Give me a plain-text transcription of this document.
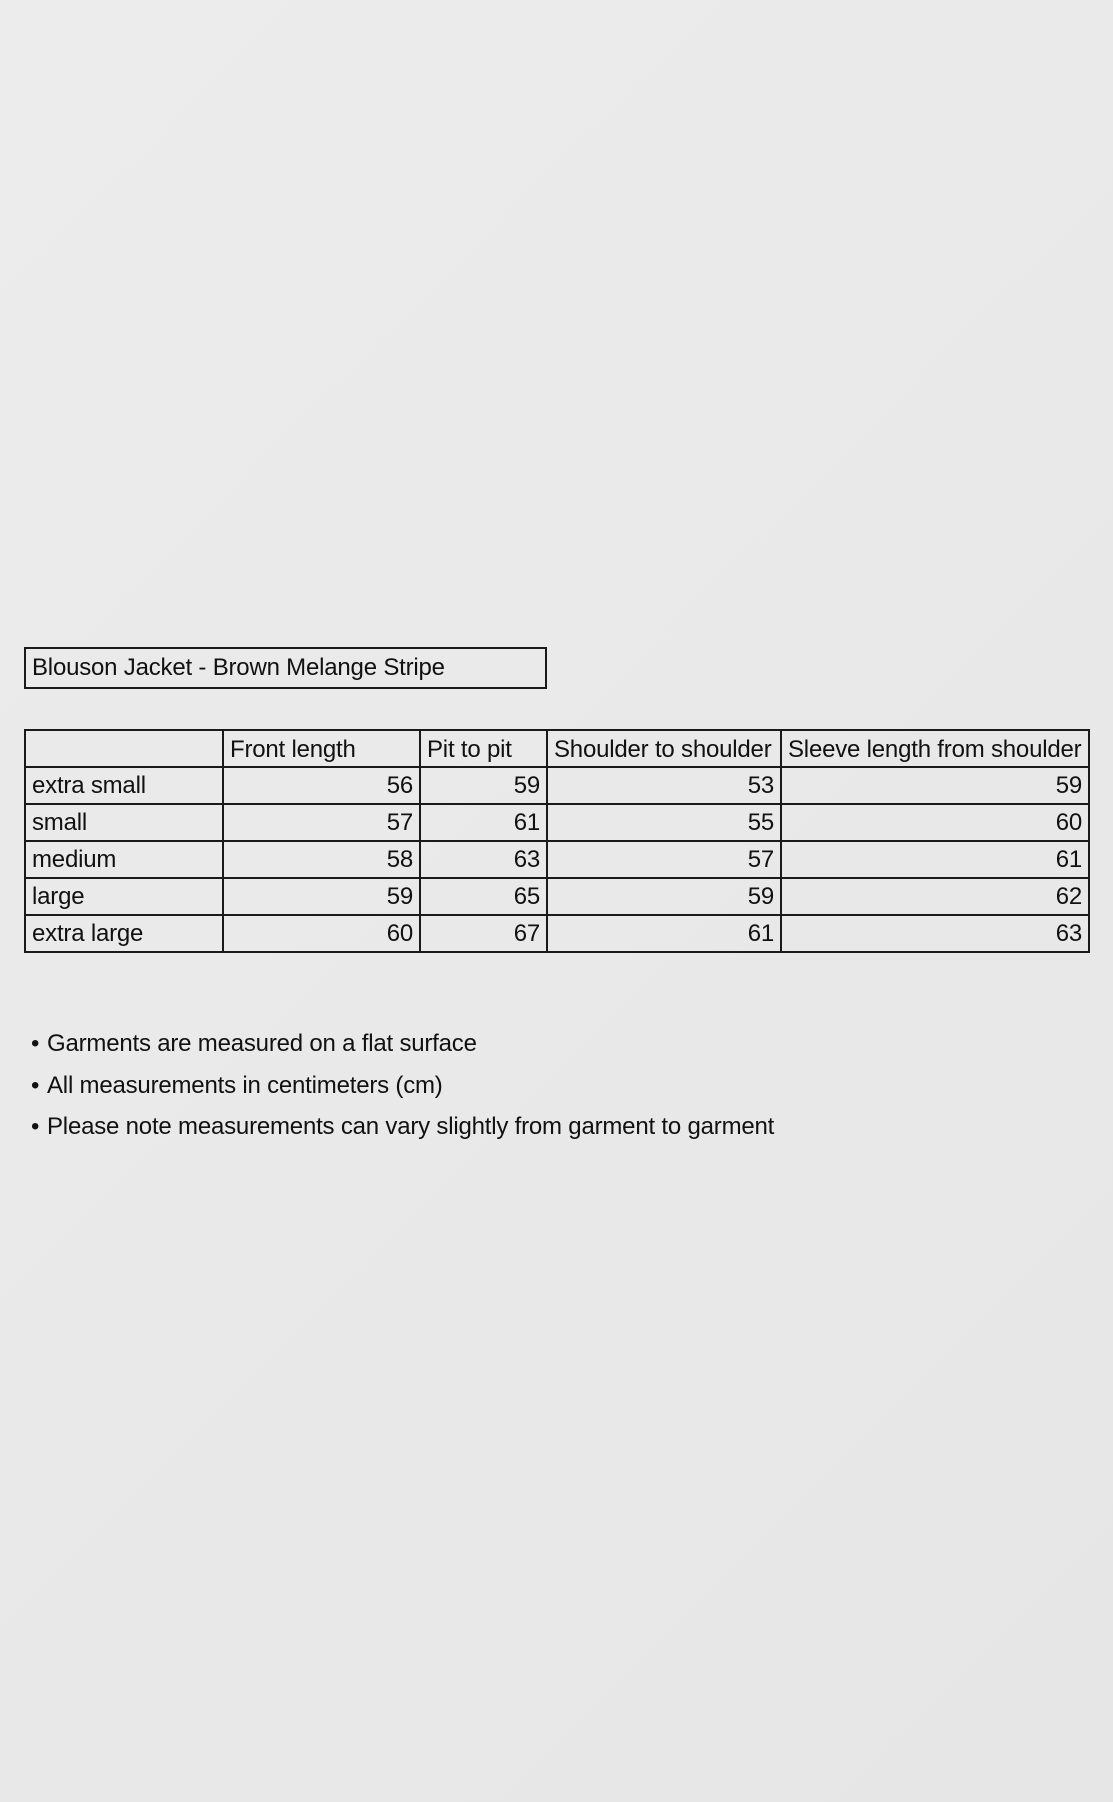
Blouson Jacket - Brown Melange Stripe
	Front length	Pit to pit	Shoulder to shoulder	Sleeve length from shoulder
extra small	56	59	53	59
small	57	61	55	60
medium	58	63	57	61
large	59	65	59	62
extra large	60	67	61	63
• Garments are measured on a flat surface
• All measurements in centimeters (cm)
• Please note measurements can vary slightly from garment to garment
